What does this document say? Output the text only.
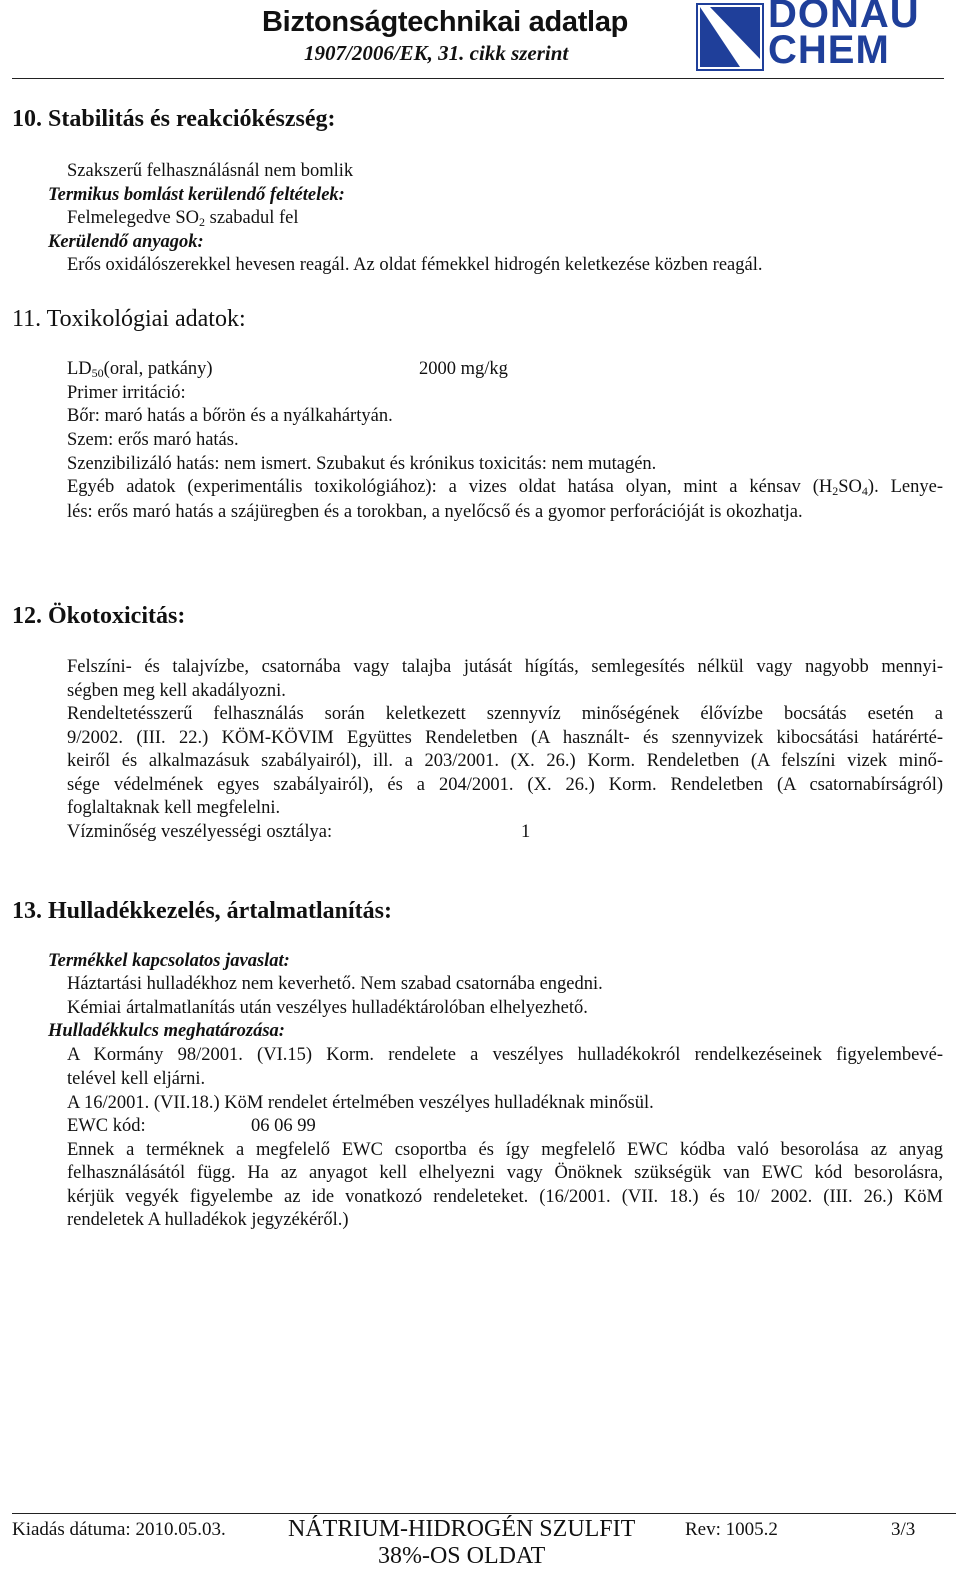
Biztonságtechnikai adatlap
1907/2006/EK, 31. cikk szerint
DONAU
CHEM
10. Stabilitás és reakciókészség:
Szakszerű felhasználásnál nem bomlik
Termikus bomlást kerülendő feltételek:
Felmelegedve $SO_2$ szabadul fel
Kerülendő anyagok:
Erős oxidálószerekkel hevesen reagál. Az oldat fémekkel hidrogén keletkezése közben reagál.
11. Toxikológiai adatok:
$LD_{50}(oral$, patkány)	2000 mg/kg
Primer irritáció:
Bőr: maró hatás a bőrön és a nyálkahártyán.
Szem: erős maró hatás.
Szenzibilizáló hatás: nem ismert. Szubakut és krónikus toxicitás: nem mutagén.
Egyéb adatok (experimentális toxikológiához): a vizes oldat hatása olyan, mint a kénsav $(H_2SO_4)$. Lenye-
lés: erős maró hatás a szájüregben és a torokban, a nyelőcső és a gyomor perforációját is okozhatja.
12. Ökotoxicitás:
Felszíni- és talajvízbe, csatornába vagy talajba jutását hígítás, semlegesítés nélkül vagy nagyobb mennyi-
ségben meg kell akadályozni.
Rendeltetésszerű felhasználás során keletkezett szennyvíz minőségének élővízbe bocsátás esetén a
9/2002. (III. 22.) KÖM-KÖVIM Együttes Rendeletben (A használt- és szennyvizek kibocsátási határérté-
keiről és alkalmazásuk szabályairól), ill. a 203/2001. (X. 26.) Korm. Rendeletben (A felszíni vizek minő-
sége védelmének egyes szabályairól), és a 204/2001. (X. 26.) Korm. Rendeletben (A csatornabírságról)
foglaltaknak kell megfelelni.
Vízminőség veszélyességi osztálya:	1
13. Hulladékkezelés, ártalmatlanítás:
Termékkel kapcsolatos javaslat:
Háztartási hulladékhoz nem keverhető. Nem szabad csatornába engedni.
Kémiai ártalmatlanítás után veszélyes hulladéktárolóban elhelyezhető.
Hulladékkulcs meghatározása:
A Kormány 98/2001. (VI.15) Korm. rendelete a veszélyes hulladékokról rendelkezéseinek figyelembevé-
telével kell eljárni.
A 16/2001. (VII.18.) KöM rendelet értelmében veszélyes hulladéknak minősül.
EWC kód:	06 06 99
Ennek a terméknek a megfelelő EWC csoportba és így megfelelő EWC kódba való besorolása az anyag
felhasználásától függ. Ha az anyagot kell elhelyezni vagy Önöknek szükségük van EWC kód besorolásra,
kérjük vegyék figyelembe az ide vonatkozó rendeleteket. (16/2001. (VII. 18.) és 10/ 2002. (III. 26.) KöM
rendeletek A hulladékok jegyzékéről.)
Kiadás dátuma: 2010.05.03.	NÁTRIUM-HIDROGÉN SZULFIT
38%-OS OLDAT
Rev: 1005.2	3/3
